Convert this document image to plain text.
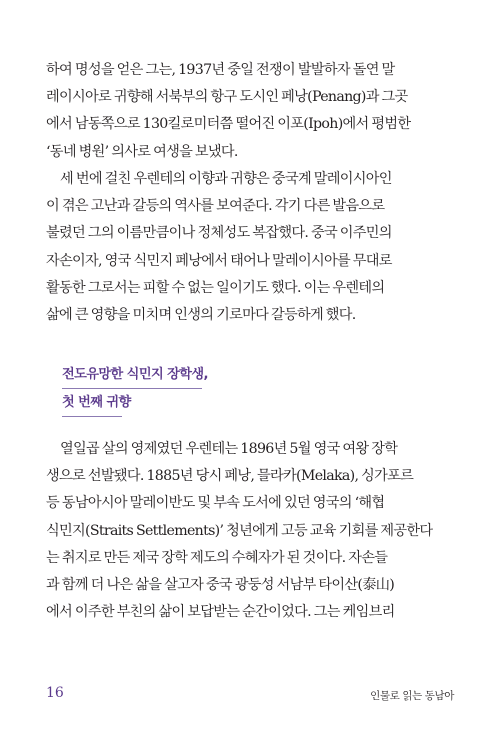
하여 명성을 얻은 그는, 1937년 중일 전쟁이 발발하자 돌연 말
레이시아로 귀향해 서북부의 항구 도시인 페낭(Penang)과 그곳
에서 남동쪽으로 130킬로미터쯤 떨어진 이포(Ipoh)에서 평범한
‘동네 병원’ 의사로 여생을 보냈다.

세 번에 걸친 우렌테의 이향과 귀향은 중국계 말레이시아인
이 겪은 고난과 갈등의 역사를 보여준다. 각기 다른 발음으로
불렸던 그의 이름만큼이나 정체성도 복잡했다. 중국 이주민의
자손이자, 영국 식민지 페낭에서 태어나 말레이시아를 무대로
활동한 그로서는 피할 수 없는 일이기도 했다. 이는 우렌테의
삶에 큰 영향을 미치며 인생의 기로마다 갈등하게 했다.

전도유망한 식민지 장학생,
첫 번째 귀향

열일곱 살의 영제였던 우렌테는 1896년 5월 영국 여왕 장학
생으로 선발됐다. 1885년 당시 페낭, 믈라카(Melaka), 싱가포르
등 동남아시아 말레이반도 및 부속 도서에 있던 영국의 ‘해협
식민지(Straits Settlements)’ 청년에게 고등 교육 기회를 제공한다
는 취지로 만든 제국 장학 제도의 수혜자가 된 것이다. 자손들
과 함께 더 나은 삶을 살고자 중국 광둥성 서남부 타이산(泰山)
에서 이주한 부친의 삶이 보답받는 순간이었다. 그는 케임브리

16	인물로 읽는 동남아
